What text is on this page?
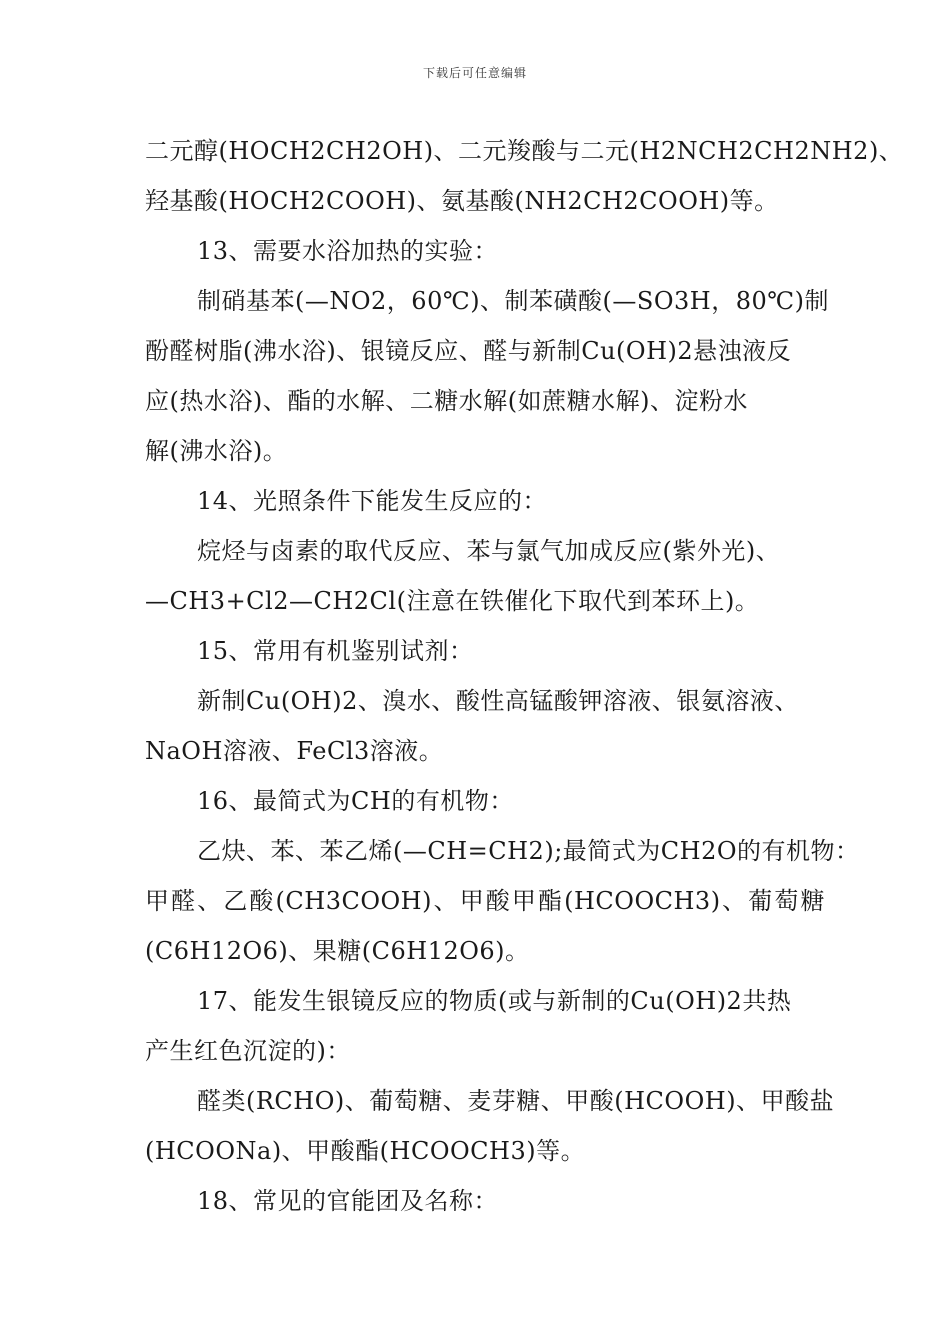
下载后可任意编辑
二元醇(HOCH2CH2OH)、二元羧酸与二元(H2NCH2CH2NH2)、
羟基酸(HOCH2COOH)、氨基酸(NH2CH2COOH)等。
13、需要水浴加热的实验：
制硝基苯(—NO2，60℃)、制苯磺酸(—SO3H，80℃)制
酚醛树脂(沸水浴)、银镜反应、醛与新制Cu(OH)2悬浊液反
应(热水浴)、酯的水解、二糖水解(如蔗糖水解)、淀粉水
解(沸水浴)。
14、光照条件下能发生反应的：
烷烃与卤素的取代反应、苯与氯气加成反应(紫外光)、
—CH3+Cl2—CH2Cl(注意在铁催化下取代到苯环上)。
15、常用有机鉴别试剂：
新制Cu(OH)2、溴水、酸性高锰酸钾溶液、银氨溶液、
NaOH溶液、FeCl3溶液。
16、最简式为CH的有机物：
乙炔、苯、苯乙烯(—CH=CH2);最简式为CH2O的有机物：
甲醛、乙酸(CH3COOH)、甲酸甲酯(HCOOCH3)、葡萄糖
(C6H12O6)、果糖(C6H12O6)。
17、能发生银镜反应的物质(或与新制的Cu(OH)2共热
产生红色沉淀的)：
醛类(RCHO)、葡萄糖、麦芽糖、甲酸(HCOOH)、甲酸盐
(HCOONa)、甲酸酯(HCOOCH3)等。
18、常见的官能团及名称：
